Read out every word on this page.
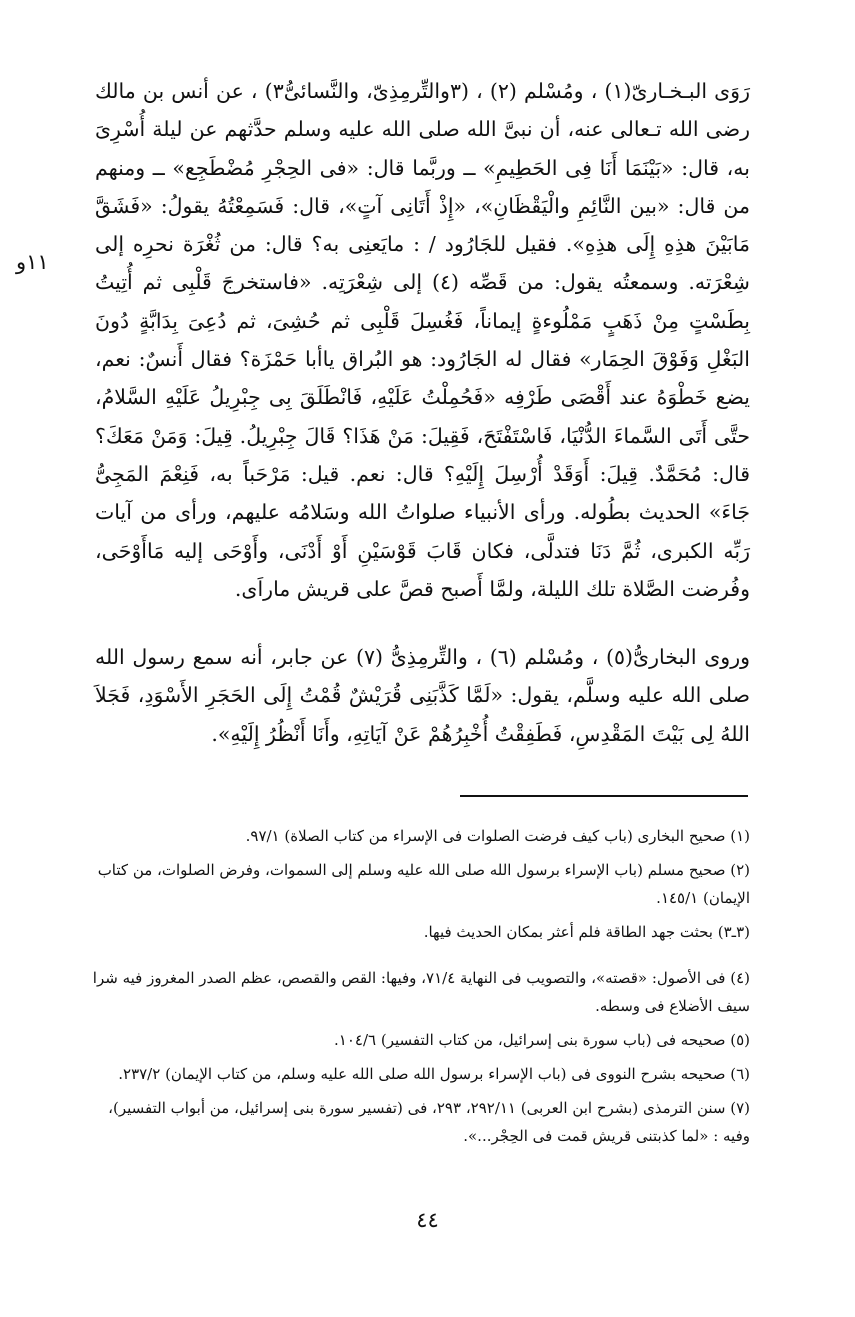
١١و

رَوَى البـخـارىّ(١) ، ومُسْلم (٢) ، (٣والتِّرمِذِىّ، والنَّسائىُّ٣) ، عن أنس بن مالك رضى الله تـعالى عنه، أن نبىَّ الله صلى الله عليه وسلم حدَّثهم عن ليلة أُسْرِىَ به، قال: «بَيْنَمَا أَنَا فِى الحَطِيمِ» ــ وربَّما قال: «فى الحِجْرِ مُضْطَجِع» ــ ومنهم من قال: «بين النَّائِمِ والْيَقْظَانِ»، «إِذْ أَتَانِى آتٍ»، قال: فَسَمِعْتُهُ يقولُ: «فَشَقَّ مَابَيْنَ هذِهِ إِلَى هذِهِ». فقيل للجَارُود / : مايَعنِى به؟ قال: من ثُغْرَة نحرِه إلى شِعْرَته. وسمعتُه يقول: من قَصِّه (٤) إلى شِعْرَتِه. «فاستخرجَ قَلْبِى ثم أُتِيتُ بِطَسْتٍ مِنْ ذَهَبٍ مَمْلُوءةٍ إيماناً، فَغُسِلَ قَلْبِى ثم حُشِىَ، ثم دُعِىَ بِدَابَّةٍ دُونَ البَغْلِ وَفَوْقَ الحِمَار» فقال له الجَارُود: هو البُراق ياأبا حَمْزَة؟ فقال أَنسٌ: نعم، يضع خَطْوَهُ عند أَقْصَى طَرْفِه «فَحُمِلْتُ عَلَيْهِ، فَانْطَلَقَ بِى جِبْرِيلُ عَلَيْهِ السَّلامُ، حتَّى أَتَى السَّماءَ الدُّنْيَا، فَاسْتَفْتَحَ، فَقِيلَ: مَنْ هَذَا؟ قَالَ جِبْرِيلُ. قِيلَ: وَمَنْ مَعَكَ؟ قال: مُحَمَّدٌ. قِيلَ: أَوَقَدْ أُرْسِلَ إِلَيْهِ؟ قال: نعم. قيل: مَرْحَباً به، فَنِعْمَ المَجِىُّ جَاءَ» الحديث بطُوله. ورأى الأنبياء صلواتُ الله وسَلامُه عليهم، ورأى من آيات رَبِّه الكبرى، ثُمَّ دَنَا فتدلَّى، فكان قَابَ قَوْسَيْنِ أَوْ أَدْنَى، وأَوْحَى إليه مَاأَوْحَى، وفُرضت الصَّلاة تلك الليلة، ولمَّا أَصبح قصَّ على قريش ماراَى.

وروى البخارىُّ(٥) ، ومُسْلم (٦) ، والتِّرمِذِىُّ (٧) عن جابر، أنه سمع رسول الله صلى الله عليه وسلَّم، يقول: «لَمَّا كَذَّبَنِى قُرَيْشٌ قُمْتُ إِلَى الحَجَرِ الأَسْوَدِ، فَجَلاَ اللهُ لِى بَيْتَ المَقْدِسِ، فَطَفِقْتُ أُخْبِرُهُمْ عَنْ آيَاتِهِ، وأَنَا أَنْظُرُ إِلَيْهِ».

(١) صحيح البخارى (باب كيف فرضت الصلوات فى الإسراء من كتاب الصلاة) ٩٧/١.

(٢) صحيح مسلم (باب الإسراء برسول الله صلى الله عليه وسلم إلى السموات، وفرض الصلوات، من كتاب الإيمان) ١٤٥/١.

(٣ـ٣) بحثت جهد الطاقة فلم أعثر بمكان الحديث فيها.

(٤) فى الأصول: «قصته»، والتصويب فى النهاية ٧١/٤، وفيها: القص والقصص، عظم الصدر المغروز فيه شرا سيف الأضلاع فى وسطه.

(٥) صحيحه فى (باب سورة بنى إسرائيل، من كتاب التفسير) ١٠٤/٦.

(٦) صحيحه بشرح النووى فى (باب الإسراء برسول الله صلى الله عليه وسلم، من كتاب الإيمان) ٢٣٧/٢.

(٧) سنن الترمذى (بشرح ابن العربى) ٢٩٢/١١، ٢٩٣، فى (تفسير سورة بنى إسرائيل، من أبواب التفسير)، وفيه : «لما كذبتنى قريش قمت فى الحِجْر...».

٤٤
